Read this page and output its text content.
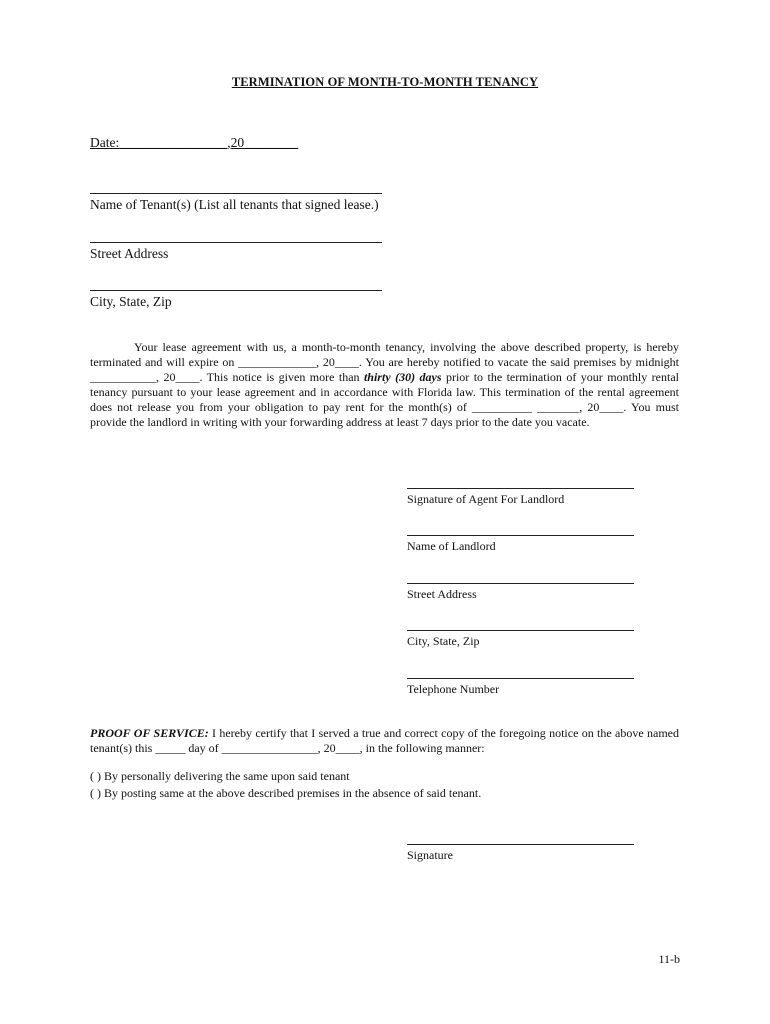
TERMINATION OF MONTH-TO-MONTH TENANCY
Date:________________,20________
Name of Tenant(s) (List all tenants that signed lease.)
Street Address
City, State, Zip
Your lease agreement with us, a month-to-month tenancy, involving the above described property, is hereby terminated and will expire on _____________, 20____. You are hereby notified to vacate the said premises by midnight ___________, 20____. This notice is given more than thirty (30) days prior to the termination of your monthly rental tenancy pursuant to your lease agreement and in accordance with Florida law. This termination of the rental agreement does not release you from your obligation to pay rent for the month(s) of __________ _______, 20____. You must provide the landlord in writing with your forwarding address at least 7 days prior to the date you vacate.
Signature of Agent For Landlord
Name of Landlord
Street Address
City, State, Zip
Telephone Number
PROOF OF SERVICE: I hereby certify that I served a true and correct copy of the foregoing notice on the above named tenant(s) this _____ day of ________________, 20____, in the following manner:
( ) By personally delivering the same upon said tenant
( ) By posting same at the above described premises in the absence of said tenant.
Signature
11-b
